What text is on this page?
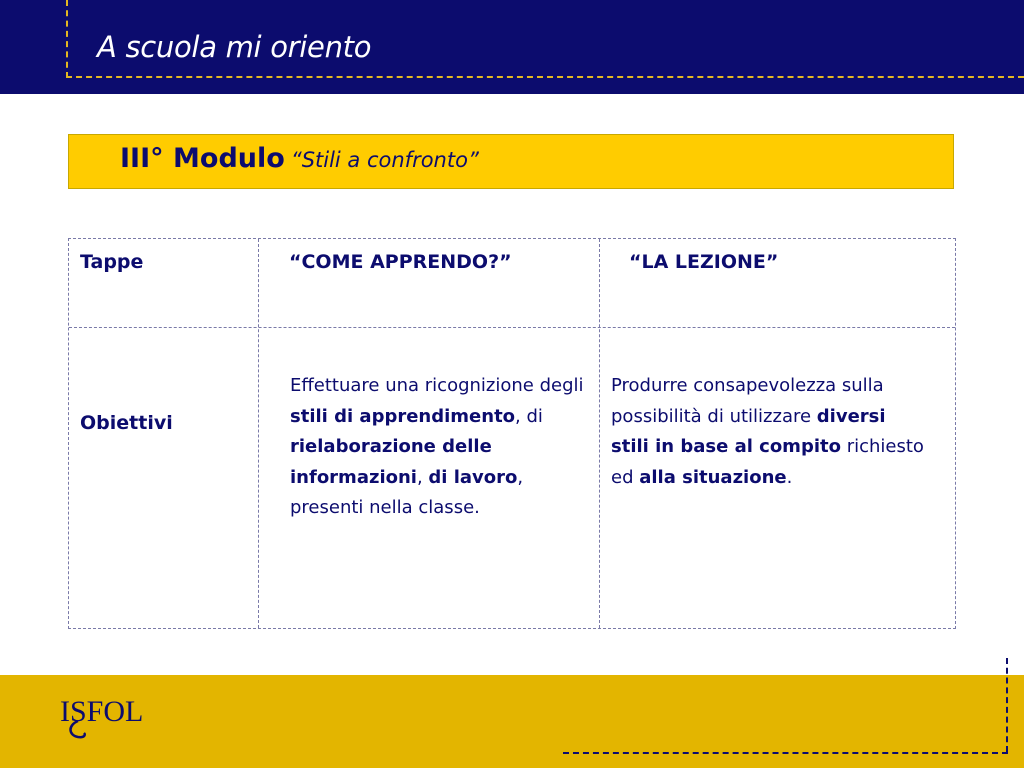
A scuola mi oriento
III° Modulo “Stili a confronto”
Tappe	“COME APPRENDO?”	“LA LEZIONE”
Obiettivi
Effettuare una ricognizione degli stili di apprendimento, di rielaborazione delle informazioni, di lavoro, presenti nella classe.
Produrre consapevolezza sulla possibilità di utilizzare diversi stili in base al compito richiesto ed alla situazione.
ISFOL
